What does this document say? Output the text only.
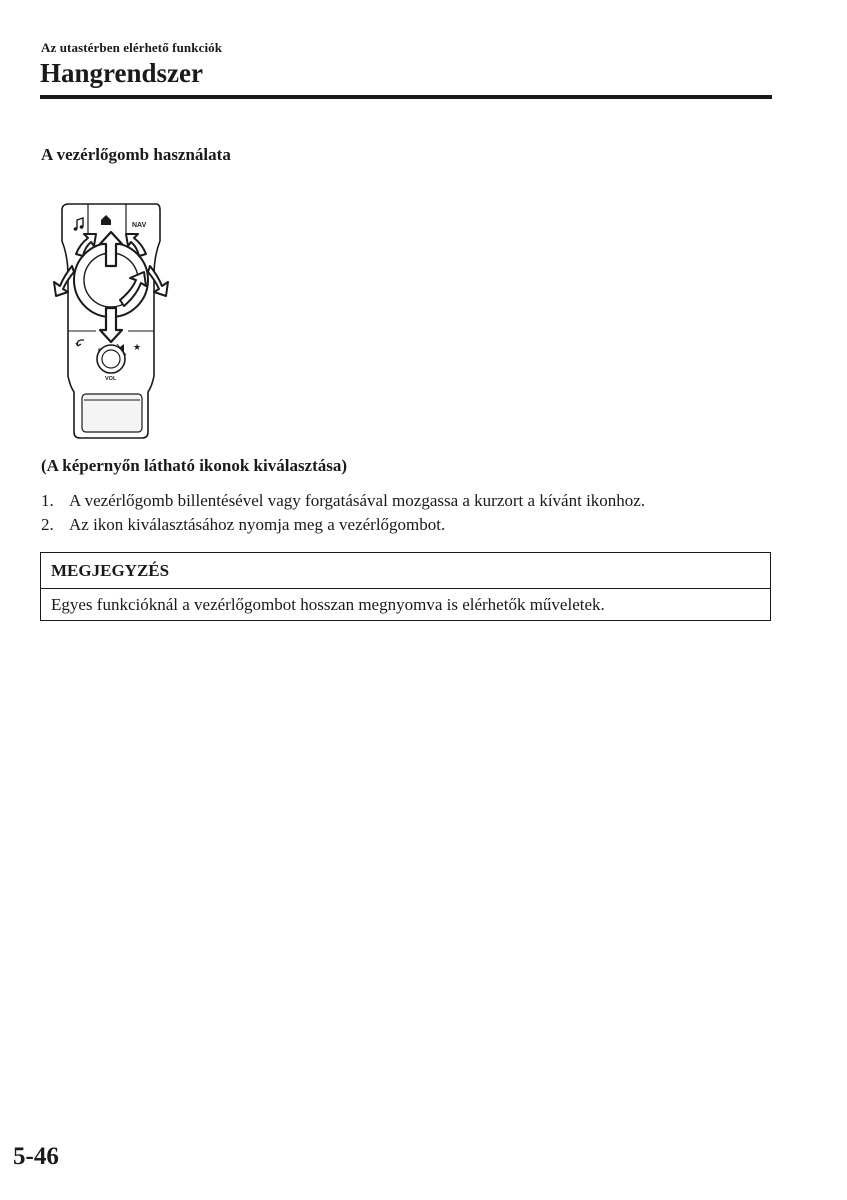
Az utastérben elérhető funkciók
Hangrendszer
A vezérlőgomb használata
NAV
★
VOL
(A képernyőn látható ikonok kiválasztása)
1. A vezérlőgomb billentésével vagy forgatásával mozgassa a kurzort a kívánt ikonhoz.
2. Az ikon kiválasztásához nyomja meg a vezérlőgombot.
MEGJEGYZÉS
Egyes funkcióknál a vezérlőgombot hosszan megnyomva is elérhetők műveletek.
5-46
